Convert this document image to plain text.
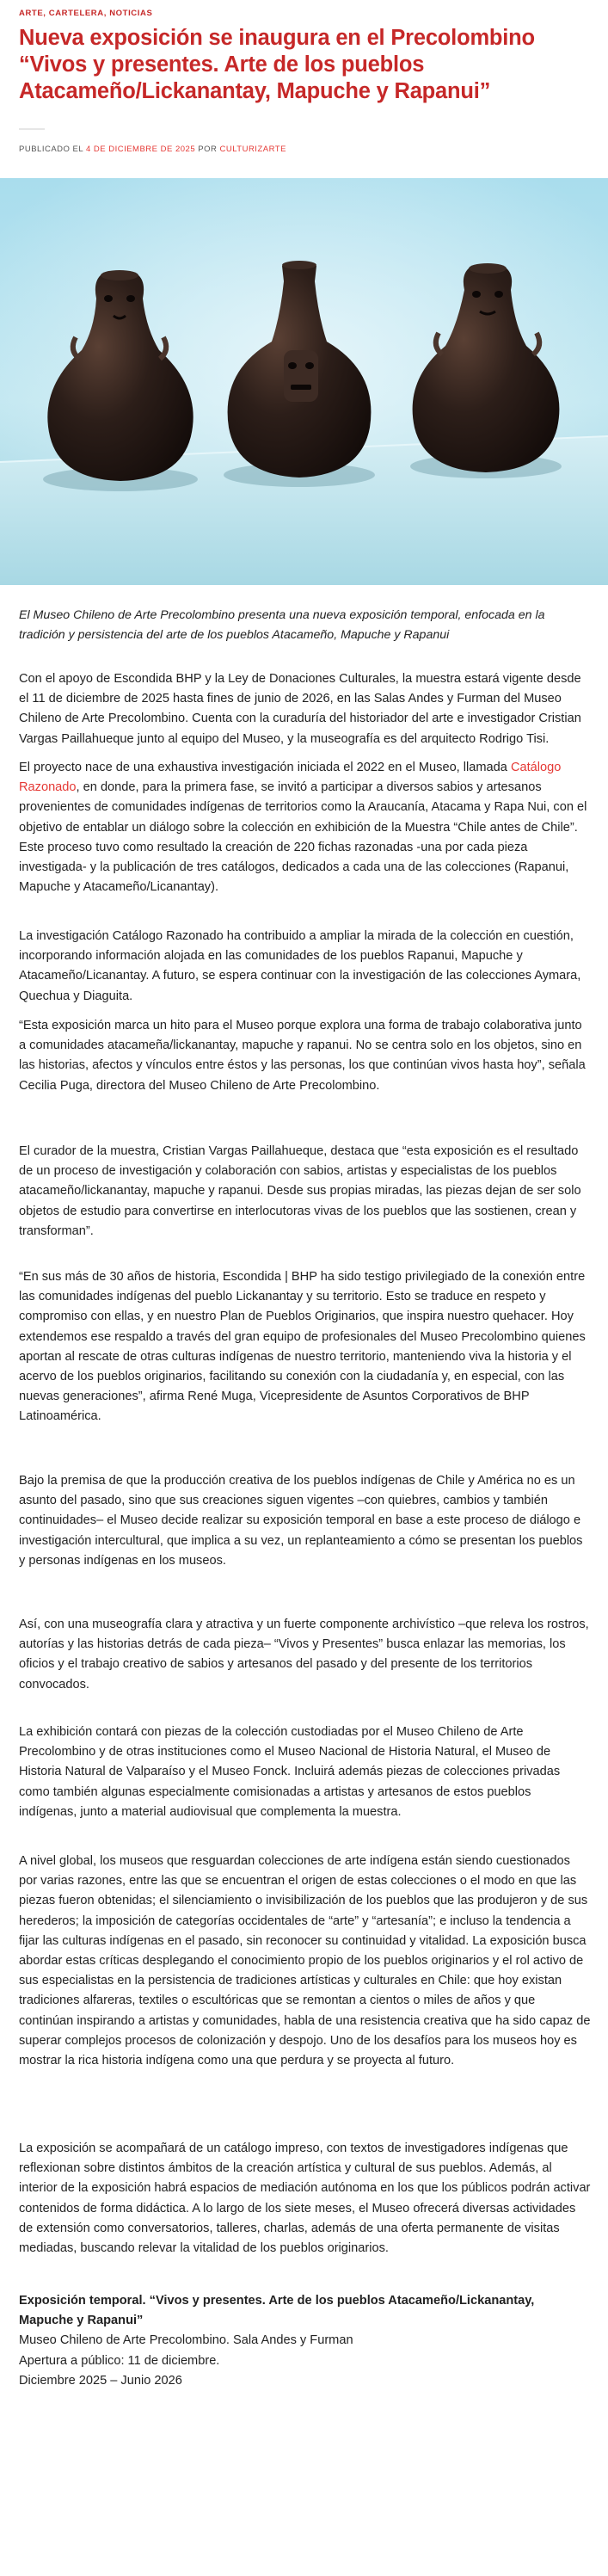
ARTE, CARTELERA, NOTICIAS
Nueva exposición se inaugura en el Precolombino “Vivos y presentes. Arte de los pueblos Atacameño/Lickanantay, Mapuche y Rapanui”
PUBLICADO EL 4 DE DICIEMBRE DE 2025 POR CULTURIZARTE

El Museo Chileno de Arte Precolombino presenta una nueva exposición temporal, enfocada en la tradición y persistencia del arte de los pueblos Atacameño, Mapuche y Rapanui

Con el apoyo de Escondida BHP y la Ley de Donaciones Culturales, la muestra estará vigente desde el 11 de diciembre de 2025 hasta fines de junio de 2026, en las Salas Andes y Furman del Museo Chileno de Arte Precolombino. Cuenta con la curaduría del historiador del arte e investigador Cristian Vargas Paillahueque junto al equipo del Museo, y la museografía es del arquitecto Rodrigo Tisi.

El proyecto nace de una exhaustiva investigación iniciada el 2022 en el Museo, llamada Catálogo Razonado, en donde, para la primera fase, se invitó a participar a diversos sabios y artesanos provenientes de comunidades indígenas de territorios como la Araucanía, Atacama y Rapa Nui, con el objetivo de entablar un diálogo sobre la colección en exhibición de la Muestra “Chile antes de Chile”. Este proceso tuvo como resultado la creación de 220 fichas razonadas -una por cada pieza investigada- y la publicación de tres catálogos, dedicados a cada una de las colecciones (Rapanui, Mapuche y Atacameño/Licanantay).

La investigación Catálogo Razonado ha contribuido a ampliar la mirada de la colección en cuestión, incorporando información alojada en las comunidades de los pueblos Rapanui, Mapuche y Atacameño/Licanantay. A futuro, se espera continuar con la investigación de las colecciones Aymara, Quechua y Diaguita.

“Esta exposición marca un hito para el Museo porque explora una forma de trabajo colaborativa junto a comunidades atacameña/lickanantay, mapuche y rapanui. No se centra solo en los objetos, sino en las historias, afectos y vínculos entre éstos y las personas, los que continúan vivos hasta hoy”, señala Cecilia Puga, directora del Museo Chileno de Arte Precolombino.

El curador de la muestra, Cristian Vargas Paillahueque, destaca que “esta exposición es el resultado de un proceso de investigación y colaboración con sabios, artistas y especialistas de los pueblos atacameño/lickanantay, mapuche y rapanui. Desde sus propias miradas, las piezas dejan de ser solo objetos de estudio para convertirse en interlocutoras vivas de los pueblos que las sostienen, crean y transforman”.

“En sus más de 30 años de historia, Escondida | BHP ha sido testigo privilegiado de la conexión entre las comunidades indígenas del pueblo Lickanantay y su territorio. Esto se traduce en respeto y compromiso con ellas, y en nuestro Plan de Pueblos Originarios, que inspira nuestro quehacer. Hoy extendemos ese respaldo a través del gran equipo de profesionales del Museo Precolombino quienes aportan al rescate de otras culturas indígenas de nuestro territorio, manteniendo viva la historia y el acervo de los pueblos originarios, facilitando su conexión con la ciudadanía y, en especial, con las nuevas generaciones”, afirma René Muga, Vicepresidente de Asuntos Corporativos de BHP Latinoamérica.

Bajo la premisa de que la producción creativa de los pueblos indígenas de Chile y América no es un asunto del pasado, sino que sus creaciones siguen vigentes –con quiebres, cambios y también continuidades– el Museo decide realizar su exposición temporal en base a este proceso de diálogo e investigación intercultural, que implica a su vez, un replanteamiento a cómo se presentan los pueblos y personas indígenas en los museos.

Así, con una museografía clara y atractiva y un fuerte componente archivístico –que releva los rostros, autorías y las historias detrás de cada pieza– “Vivos y Presentes” busca enlazar las memorias, los oficios y el trabajo creativo de sabios y artesanos del pasado y del presente de los territorios convocados.

La exhibición contará con piezas de la colección custodiadas por el Museo Chileno de Arte Precolombino y de otras instituciones como el Museo Nacional de Historia Natural, el Museo de Historia Natural de Valparaíso y el Museo Fonck. Incluirá además piezas de colecciones privadas como también algunas especialmente comisionadas a artistas y artesanos de estos pueblos indígenas, junto a material audiovisual que complementa la muestra.

A nivel global, los museos que resguardan colecciones de arte indígena están siendo cuestionados por varias razones, entre las que se encuentran el origen de estas colecciones o el modo en que las piezas fueron obtenidas; el silenciamiento o invisibilización de los pueblos que las produjeron y de sus herederos; la imposición de categorías occidentales de “arte” y “artesanía”; e incluso la tendencia a fijar las culturas indígenas en el pasado, sin reconocer su continuidad y vitalidad. La exposición busca abordar estas críticas desplegando el conocimiento propio de los pueblos originarios y el rol activo de sus especialistas en la persistencia de tradiciones artísticas y culturales en Chile: que hoy existan tradiciones alfareras, textiles o escultóricas que se remontan a cientos o miles de años y que continúan inspirando a artistas y comunidades, habla de una resistencia creativa que ha sido capaz de superar complejos procesos de colonización y despojo. Uno de los desafíos para los museos hoy es mostrar la rica historia indígena como una que perdura y se proyecta al futuro.

La exposición se acompañará de un catálogo impreso, con textos de investigadores indígenas que reflexionan sobre distintos ámbitos de la creación artística y cultural de sus pueblos. Además, al interior de la exposición habrá espacios de mediación autónoma en los que los públicos podrán activar contenidos de forma didáctica. A lo largo de los siete meses, el Museo ofrecerá diversas actividades de extensión como conversatorios, talleres, charlas, además de una oferta permanente de visitas mediadas, buscando relevar la vitalidad de los pueblos originarios.

Exposición temporal. “Vivos y presentes. Arte de los pueblos Atacameño/Lickanantay, Mapuche y Rapanui”
Museo Chileno de Arte Precolombino. Sala Andes y Furman
Apertura a público: 11 de diciembre.
Diciembre 2025 – Junio 2026
